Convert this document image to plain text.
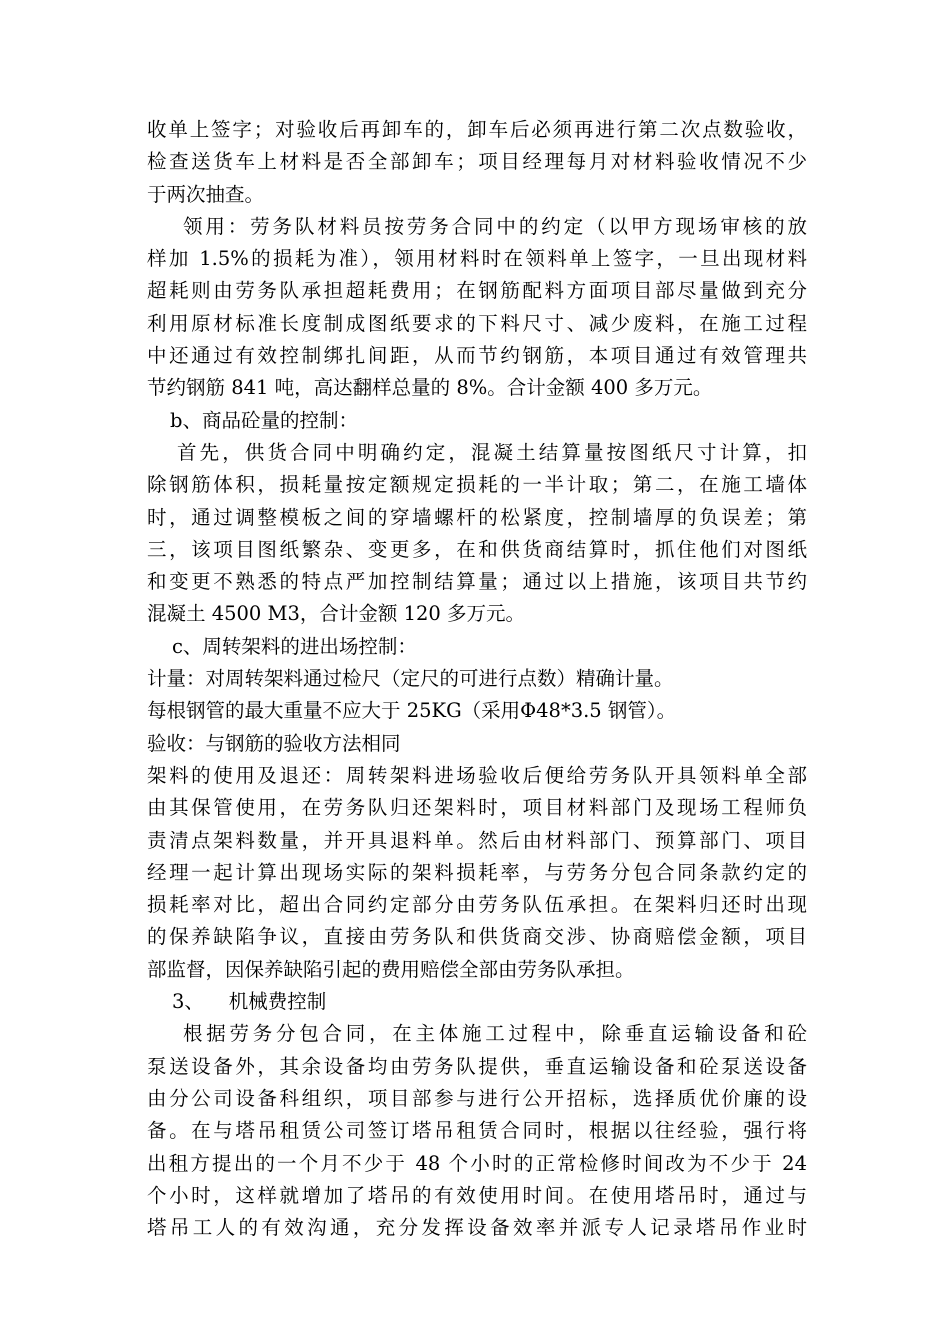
收单上签字；对验收后再卸车的，卸车后必须再进行第二次点数验收，
检查送货车上材料是否全部卸车；项目经理每月对材料验收情况不少
于两次抽查。
领用：劳务队材料员按劳务合同中的约定（以甲方现场审核的放
样加 1.5%的损耗为准），领用材料时在领料单上签字，一旦出现材料
超耗则由劳务队承担超耗费用；在钢筋配料方面项目部尽量做到充分
利用原材标准长度制成图纸要求的下料尺寸、减少废料，在施工过程
中还通过有效控制绑扎间距，从而节约钢筋，本项目通过有效管理共
节约钢筋 841 吨，高达翻样总量的 8%。合计金额 400 多万元。
b、商品砼量的控制：
首先，供货合同中明确约定，混凝土结算量按图纸尺寸计算，扣
除钢筋体积，损耗量按定额规定损耗的一半计取；第二，在施工墙体
时，通过调整模板之间的穿墙螺杆的松紧度，控制墙厚的负误差；第
三，该项目图纸繁杂、变更多，在和供货商结算时，抓住他们对图纸
和变更不熟悉的特点严加控制结算量；通过以上措施，该项目共节约
混凝土 4500 M3，合计金额 120 多万元。
c、周转架料的进出场控制：
计量：对周转架料通过检尺（定尺的可进行点数）精确计量。
每根钢管的最大重量不应大于 25KG（采用Φ48*3.5 钢管）。
验收：与钢筋的验收方法相同
架料的使用及退还：周转架料进场验收后便给劳务队开具领料单全部
由其保管使用，在劳务队归还架料时，项目材料部门及现场工程师负
责清点架料数量，并开具退料单。然后由材料部门、预算部门、项目
经理一起计算出现场实际的架料损耗率，与劳务分包合同条款约定的
损耗率对比，超出合同约定部分由劳务队伍承担。在架料归还时出现
的保养缺陷争议，直接由劳务队和供货商交涉、协商赔偿金额，项目
部监督，因保养缺陷引起的费用赔偿全部由劳务队承担。
3、    机械费控制
根据劳务分包合同，在主体施工过程中，除垂直运输设备和砼
泵送设备外，其余设备均由劳务队提供，垂直运输设备和砼泵送设备
由分公司设备科组织，项目部参与进行公开招标，选择质优价廉的设
备。在与塔吊租赁公司签订塔吊租赁合同时，根据以往经验，强行将
出租方提出的一个月不少于 48 个小时的正常检修时间改为不少于 24
个小时，这样就增加了塔吊的有效使用时间。在使用塔吊时，通过与
塔吊工人的有效沟通，充分发挥设备效率并派专人记录塔吊作业时
